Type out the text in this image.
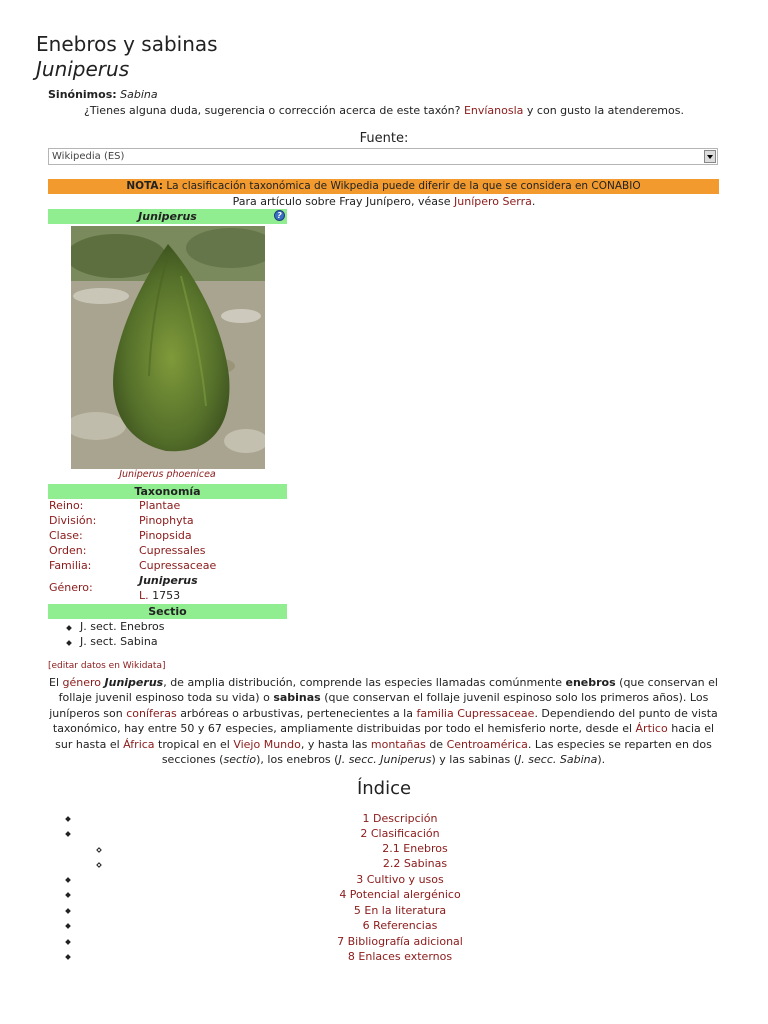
Enebros y sabinas
Juniperus
Sinónimos: Sabina
¿Tienes alguna duda, sugerencia o corrección acerca de este taxón? Envíanosla y con gusto la atenderemos.
Fuente:
Wikipedia (ES)
NOTA: La clasificación taxonómica de Wikpedia puede diferir de la que se considera en CONABIO
Para artículo sobre Fray Junípero, véase Junípero Serra.
Juniperus	?
Juniperus phoenicea
Taxonomía
Reino:	Plantae
División:	Pinophyta
Clase:	Pinopsida
Orden:	Cupressales
Familia:	Cupressaceae
Género:
Juniperus
L. 1753
Sectio
J. sect. Enebros
J. sect. Sabina
[editar datos en Wikidata]
El género Juniperus, de amplia distribución, comprende las especies llamadas comúnmente enebros (que conservan el follaje juvenil espinoso toda su vida) o sabinas (que conservan el follaje juvenil espinoso solo los primeros años). Los juníperos son coníferas arbóreas o arbustivas, pertenecientes a la familia Cupressaceae. Dependiendo del punto de vista taxonómico, hay entre 50 y 67 especies, ampliamente distribuidas por todo el hemisferio norte, desde el Ártico hacia el sur hasta el África tropical en el Viejo Mundo, y hasta las montañas de Centroamérica. Las especies se reparten en dos secciones (sectio), los enebros (J. secc. Juniperus) y las sabinas (J. secc. Sabina).
Índice
1 Descripción
2 Clasificación
2.1 Enebros
2.2 Sabinas
3 Cultivo y usos
4 Potencial alergénico
5 En la literatura
6 Referencias
7 Bibliografía adicional
8 Enlaces externos
